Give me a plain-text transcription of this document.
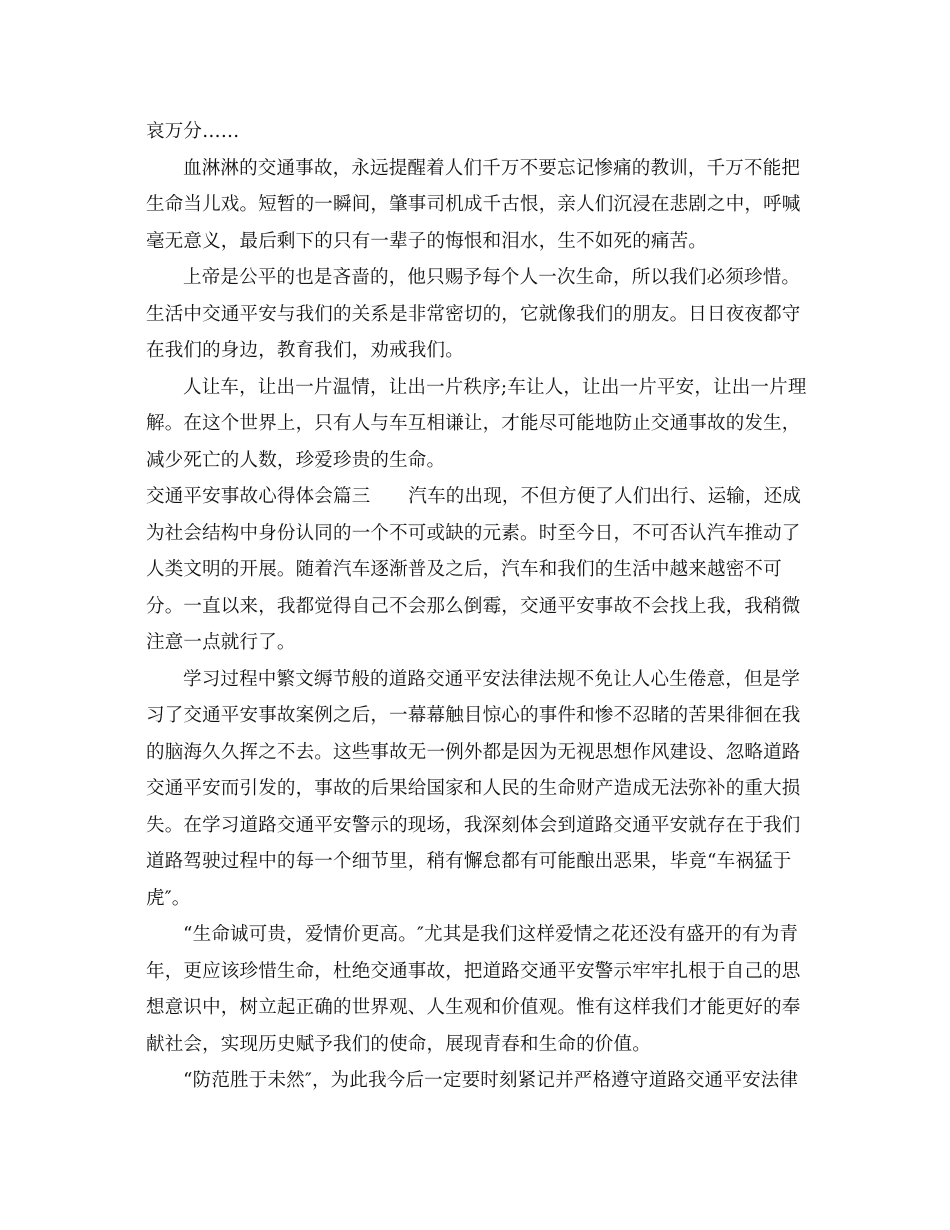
哀万分……
血淋淋的交通事故，永远提醒着人们千万不要忘记惨痛的教训，千万不能把
生命当儿戏。短暂的一瞬间，肇事司机成千古恨，亲人们沉浸在悲剧之中，呼喊
毫无意义，最后剩下的只有一辈子的悔恨和泪水，生不如死的痛苦。
上帝是公平的也是吝啬的，他只赐予每个人一次生命，所以我们必须珍惜。
生活中交通平安与我们的关系是非常密切的，它就像我们的朋友。日日夜夜都守
在我们的身边，教育我们，劝戒我们。
人让车，让出一片温情，让出一片秩序;车让人，让出一片平安，让出一片理
解。在这个世界上，只有人与车互相谦让，才能尽可能地防止交通事故的发生，
减少死亡的人数，珍爱珍贵的生命。
交通平安事故心得体会篇三 汽车的出现，不但方便了人们出行、运输，还成
为社会结构中身份认同的一个不可或缺的元素。时至今日，不可否认汽车推动了
人类文明的开展。随着汽车逐渐普及之后，汽车和我们的生活中越来越密不可
分。一直以来，我都觉得自己不会那么倒霉，交通平安事故不会找上我，我稍微
注意一点就行了。
学习过程中繁文缛节般的道路交通平安法律法规不免让人心生倦意，但是学
习了交通平安事故案例之后，一幕幕触目惊心的事件和惨不忍睹的苦果徘徊在我
的脑海久久挥之不去。这些事故无一例外都是因为无视思想作风建设、忽略道路
交通平安而引发的，事故的后果给国家和人民的生命财产造成无法弥补的重大损
失。在学习道路交通平安警示的现场，我深刻体会到道路交通平安就存在于我们
道路驾驶过程中的每一个细节里，稍有懈怠都有可能酿出恶果，毕竟“车祸猛于
虎″。
“生命诚可贵，爱情价更高。″尤其是我们这样爱情之花还没有盛开的有为青
年，更应该珍惜生命，杜绝交通事故，把道路交通平安警示牢牢扎根于自己的思
想意识中，树立起正确的世界观、人生观和价值观。惟有这样我们才能更好的奉
献社会，实现历史赋予我们的使命，展现青春和生命的价值。
“防范胜于未然″，为此我今后一定要时刻紧记并严格遵守道路交通平安法律
